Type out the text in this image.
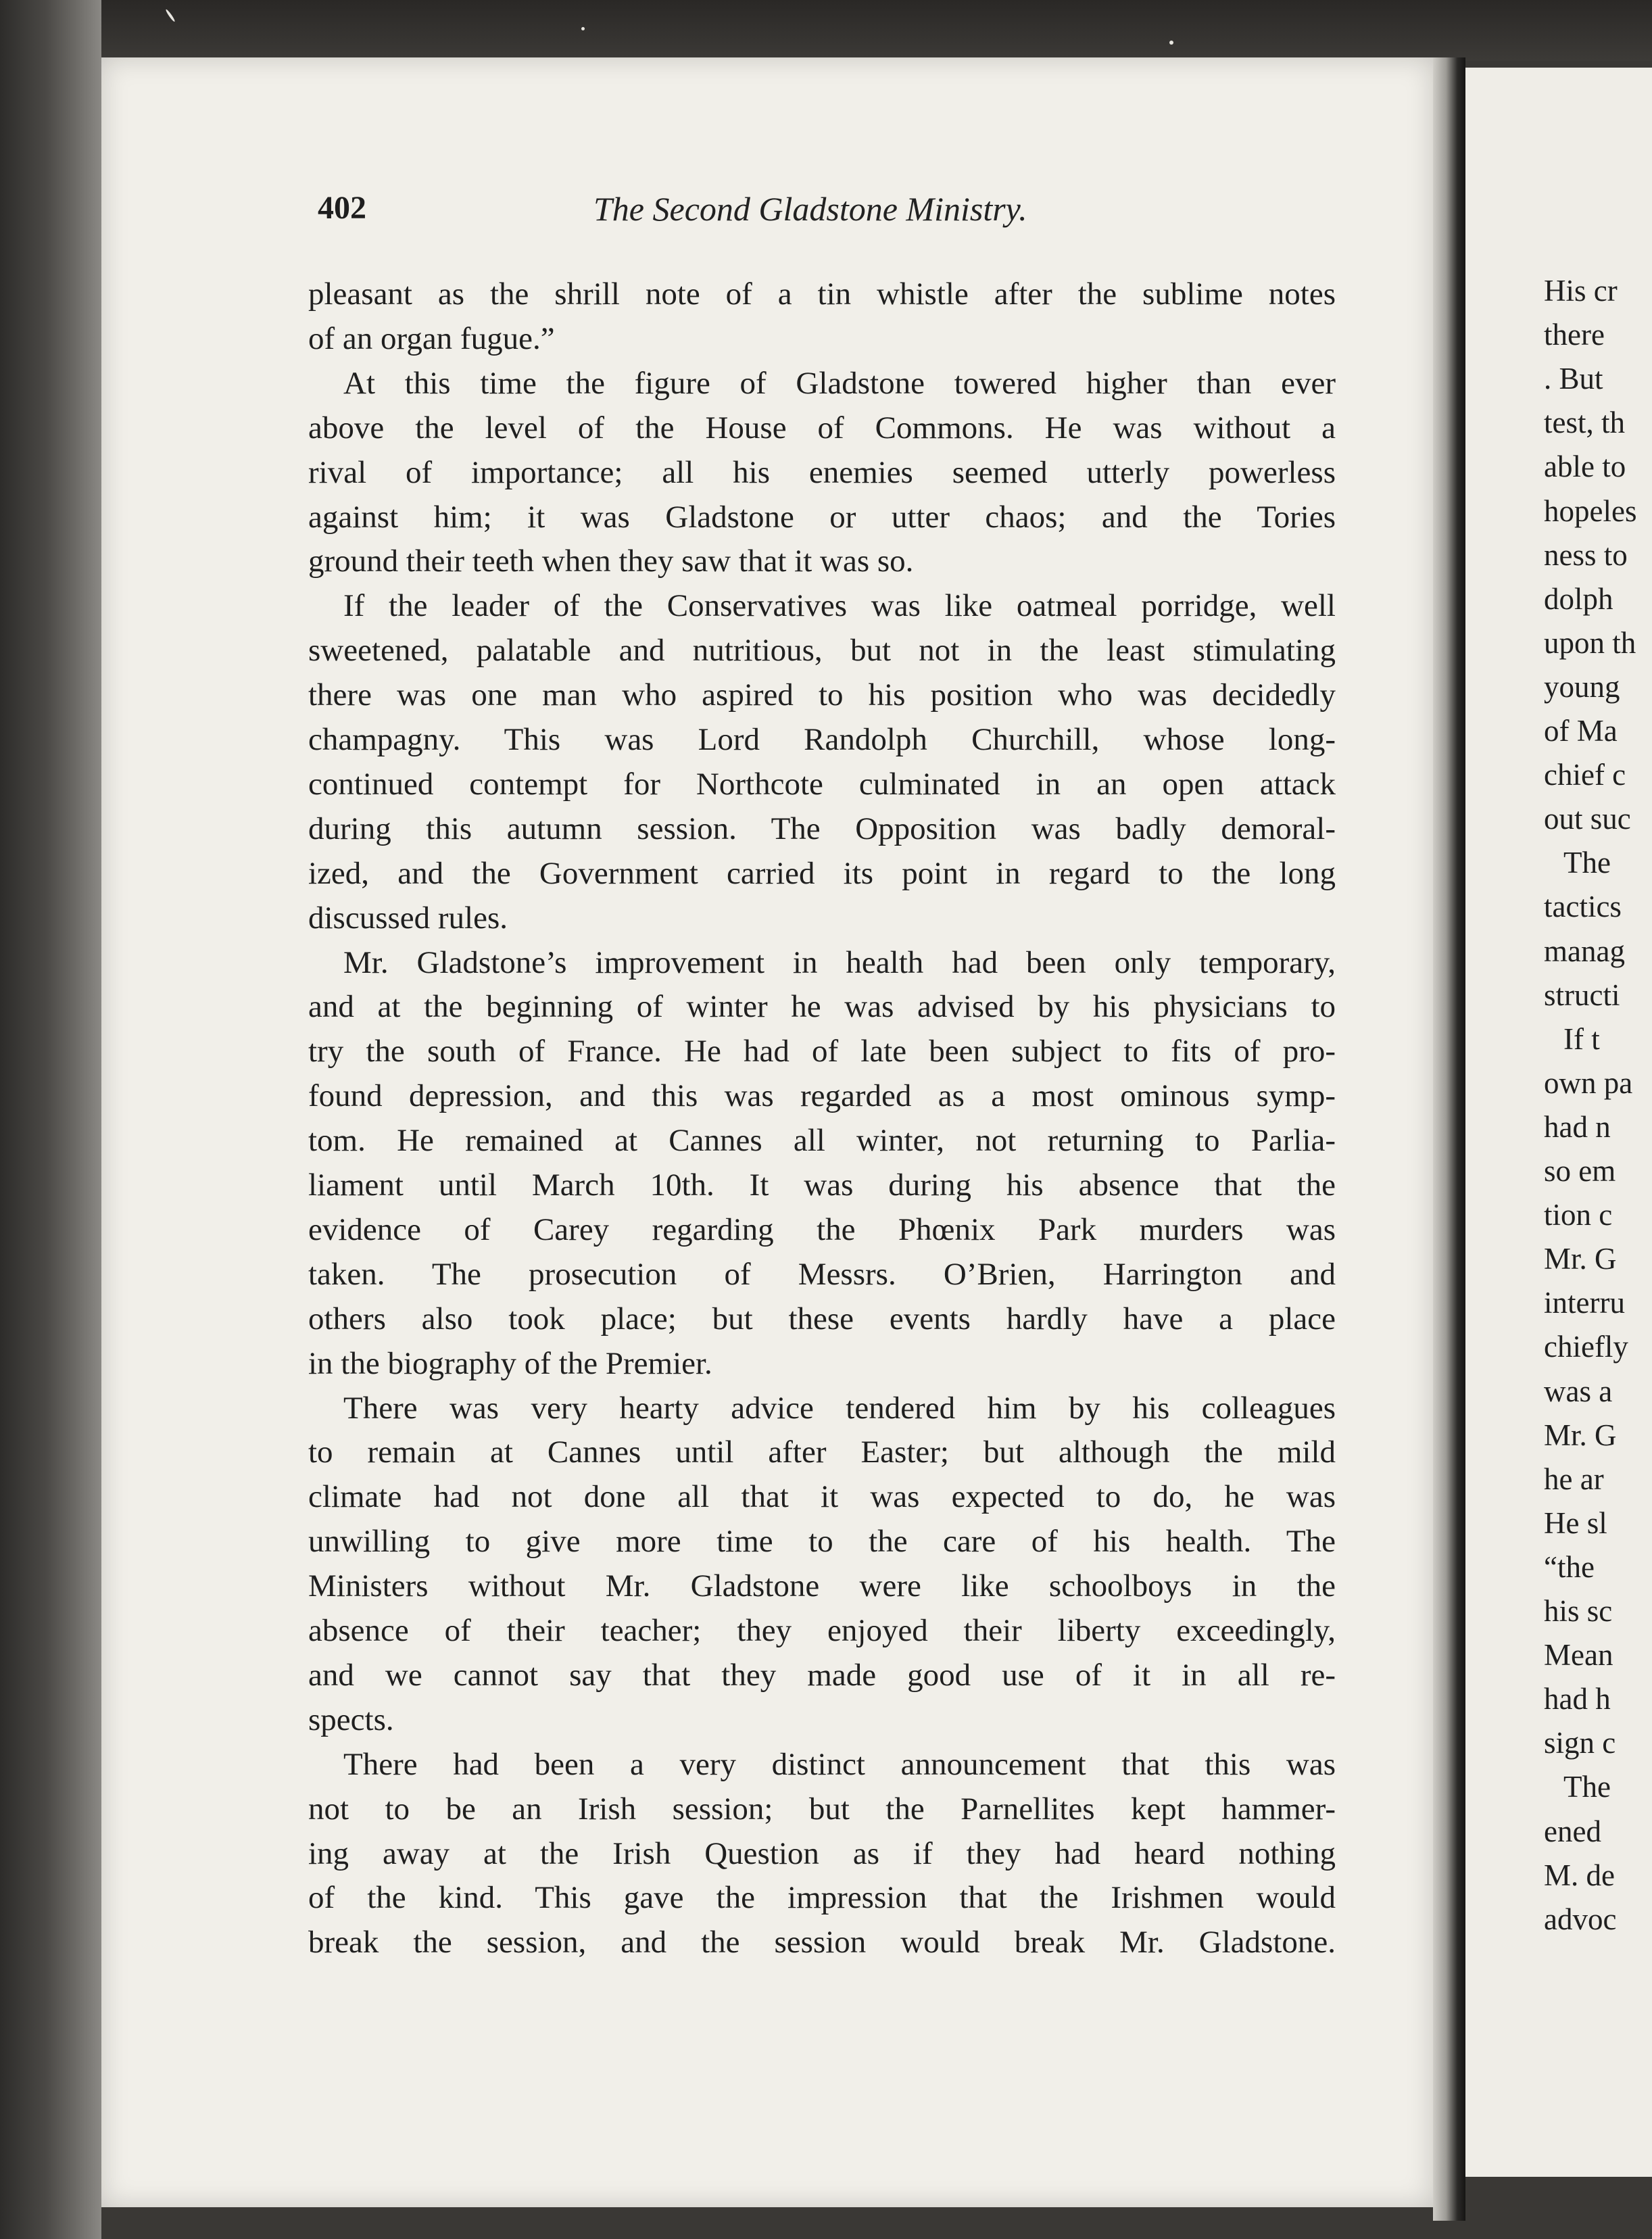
402	The Second Gladstone Ministry.
pleasant as the shrill note of a tin whistle after the sublime notes
of an organ fugue.”
At this time the figure of Gladstone towered higher than ever
above the level of the House of Commons. He was without a
rival of importance; all his enemies seemed utterly powerless
against him; it was Gladstone or utter chaos; and the Tories
ground their teeth when they saw that it was so.
If the leader of the Conservatives was like oatmeal porridge, well
sweetened, palatable and nutritious, but not in the least stimulating
there was one man who aspired to his position who was decidedly
champagny. This was Lord Randolph Churchill, whose long-
continued contempt for Northcote culminated in an open attack
during this autumn session. The Opposition was badly demoral-
ized, and the Government carried its point in regard to the long
discussed rules.
Mr. Gladstone’s improvement in health had been only temporary,
and at the beginning of winter he was advised by his physicians to
try the south of France. He had of late been subject to fits of pro-
found depression, and this was regarded as a most ominous symp-
tom. He remained at Cannes all winter, not returning to Parlia-
liament until March 10th. It was during his absence that the
evidence of Carey regarding the Phœnix Park murders was
taken. The prosecution of Messrs. O’Brien, Harrington and
others also took place; but these events hardly have a place
in the biography of the Premier.
There was very hearty advice tendered him by his colleagues
to remain at Cannes until after Easter; but although the mild
climate had not done all that it was expected to do, he was
unwilling to give more time to the care of his health. The
Ministers without Mr. Gladstone were like schoolboys in the
absence of their teacher; they enjoyed their liberty exceedingly,
and we cannot say that they made good use of it in all re-
spects.
There had been a very distinct announcement that this was
not to be an Irish session; but the Parnellites kept hammer-
ing away at the Irish Question as if they had heard nothing
of the kind. This gave the impression that the Irishmen would
break the session, and the session would break Mr. Gladstone.
His cr
there
. But
test, th
able to
hopeles
ness to
dolph
upon th
young
of Ma
chief c
out suc
The
tactics
manag
structi
If t
own pa
had n
so em
tion c
Mr. G
interru
chiefly
was a
Mr. G
he ar
He sl
“the
his sc
Mean
had h
sign c
The
ened
M. de
advoc
